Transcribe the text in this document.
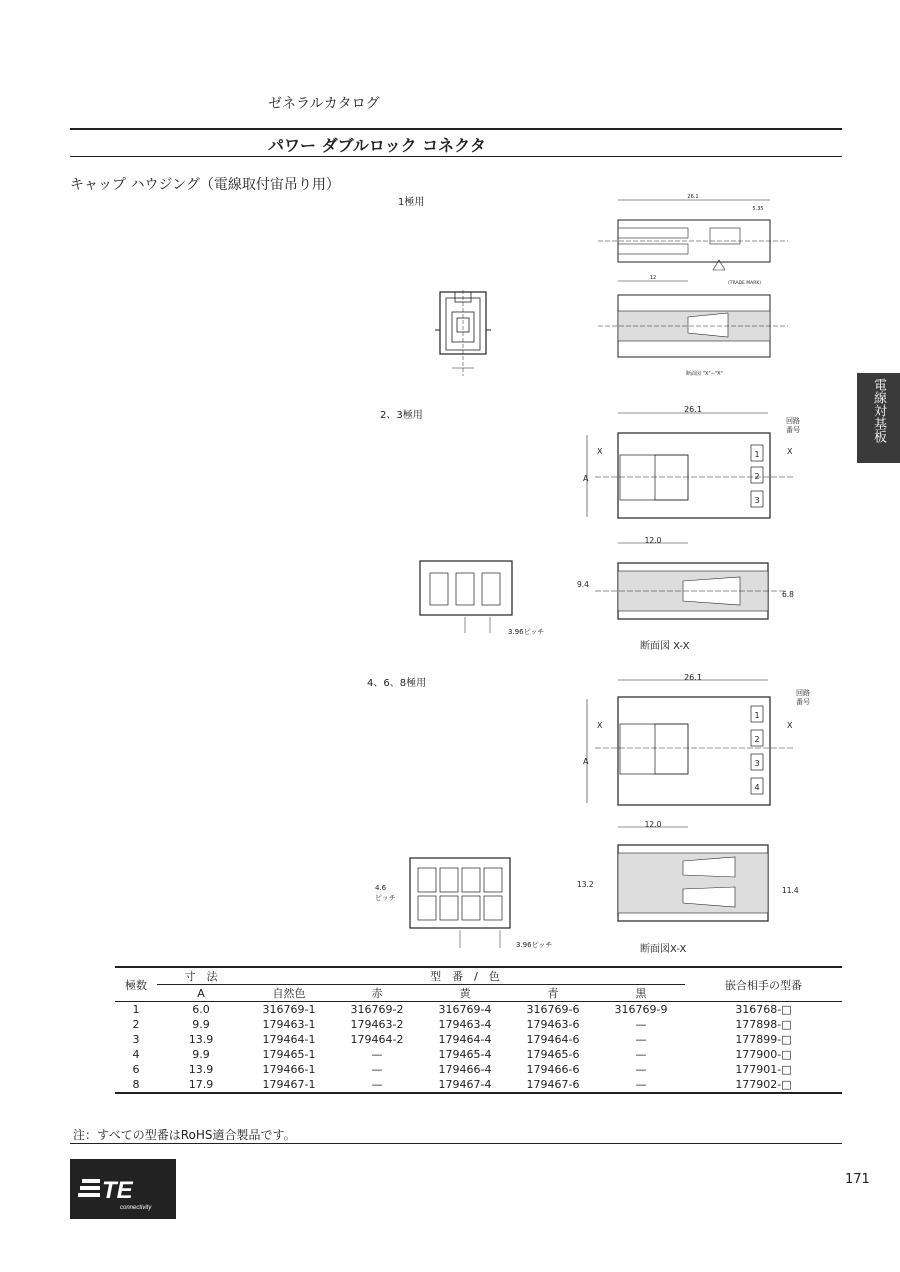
ゼネラルカタログ
パワー ダブルロック コネクタ
キャップ ハウジング（電線取付宙吊り用）
電線対基板
1極用
2、3極用
4、6、8極用
26.1
5.35
(TRADE MARK)
12
断面図 "X"−"X"
26.1
回路
番号
1
2
3
A
X	X
3.96ピッチ
12.0
9.4
6.8
断面図 X-X
26.1
回路
番号
1
2
3
4
A
X	X
4.6
ピッチ
3.96ピッチ
12.0
13.2
11.4
断面図X-X
極数	寸　法	型　番　/　色					嵌合相手の型番
	A	自然色	赤	黄	青	黒	
1	6.0	316769-1	316769-2	316769-4	316769-6	316769-9	316768-□
2	9.9	179463-1	179463-2	179463-4	179463-6	—	177898-□
3	13.9	179464-1	179464-2	179464-4	179464-6	—	177899-□
4	9.9	179465-1	—	179465-4	179465-6	—	177900-□
6	13.9	179466-1	—	179466-4	179466-6	—	177901-□
8	17.9	179467-1	—	179467-4	179467-6	—	177902-□
注：すべての型番はRoHS適合製品です。
TE
connectivity
171
